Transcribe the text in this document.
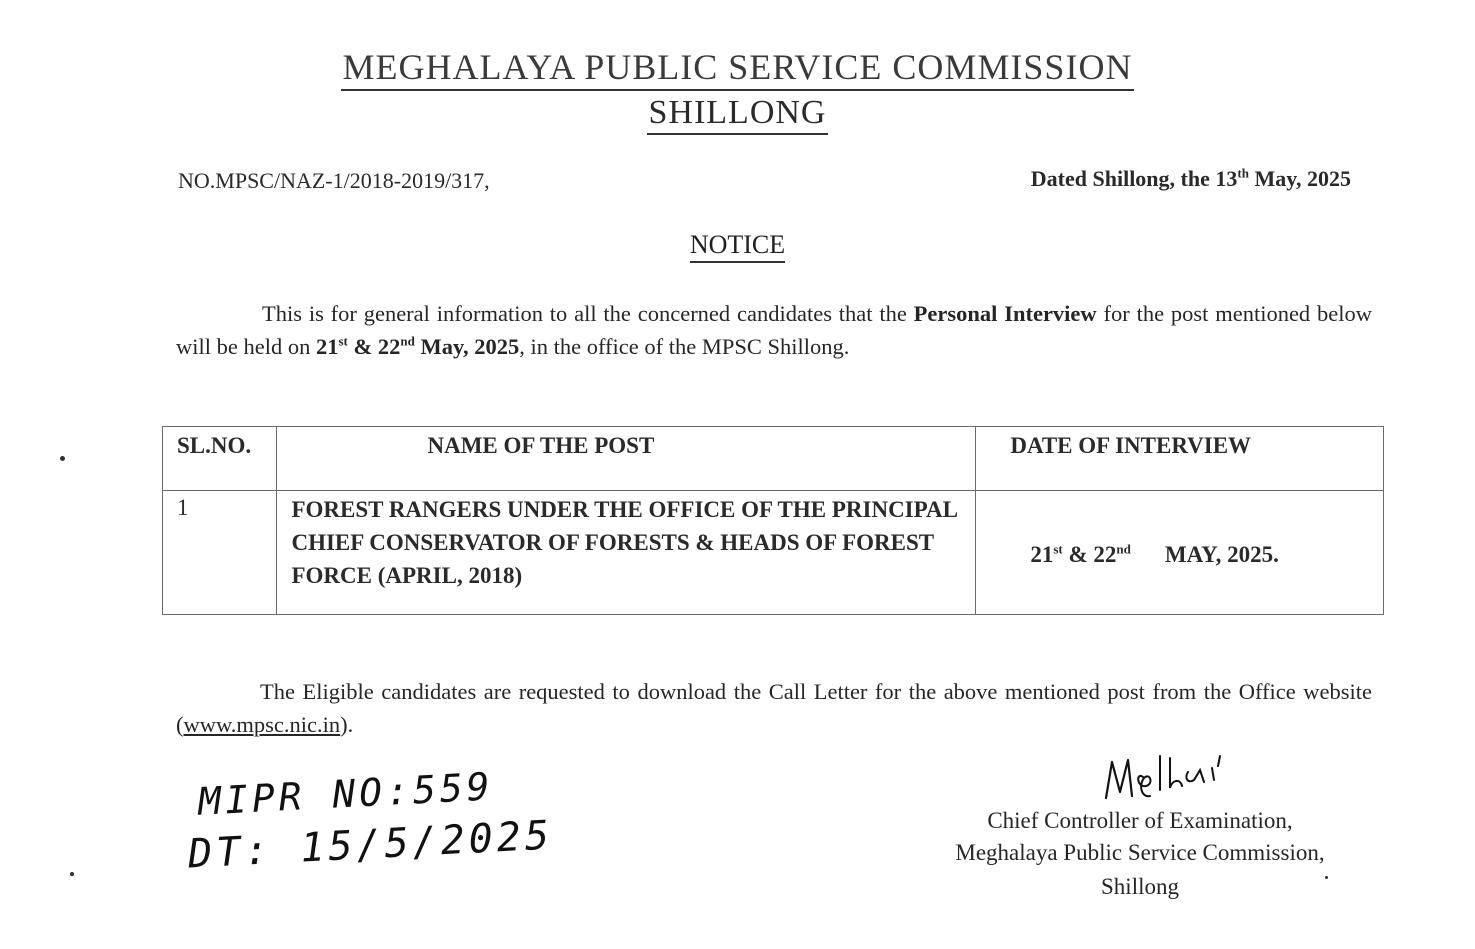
MEGHALAYA PUBLIC SERVICE COMMISSION
SHILLONG
NO.MPSC/NAZ-1/2018-2019/317,	Dated Shillong, the 13th May, 2025
NOTICE
This is for general information to all the concerned candidates that the Personal Interview for the post mentioned below will be held on 21st & 22nd May, 2025, in the office of the MPSC Shillong.
SL.NO.	NAME OF THE POST	DATE OF INTERVIEW
1	FOREST RANGERS UNDER THE OFFICE OF THE PRINCIPAL CHIEF CONSERVATOR OF FORESTS & HEADS OF FOREST FORCE (APRIL, 2018)	21st & 22nd MAY, 2025.
The Eligible candidates are requested to download the Call Letter for the above mentioned post from the Office website (www.mpsc.nic.in).
MIPR NO:559
DT: 15/5/2025	Chief Controller of Examination,
Meghalaya Public Service Commission,
Shillong
